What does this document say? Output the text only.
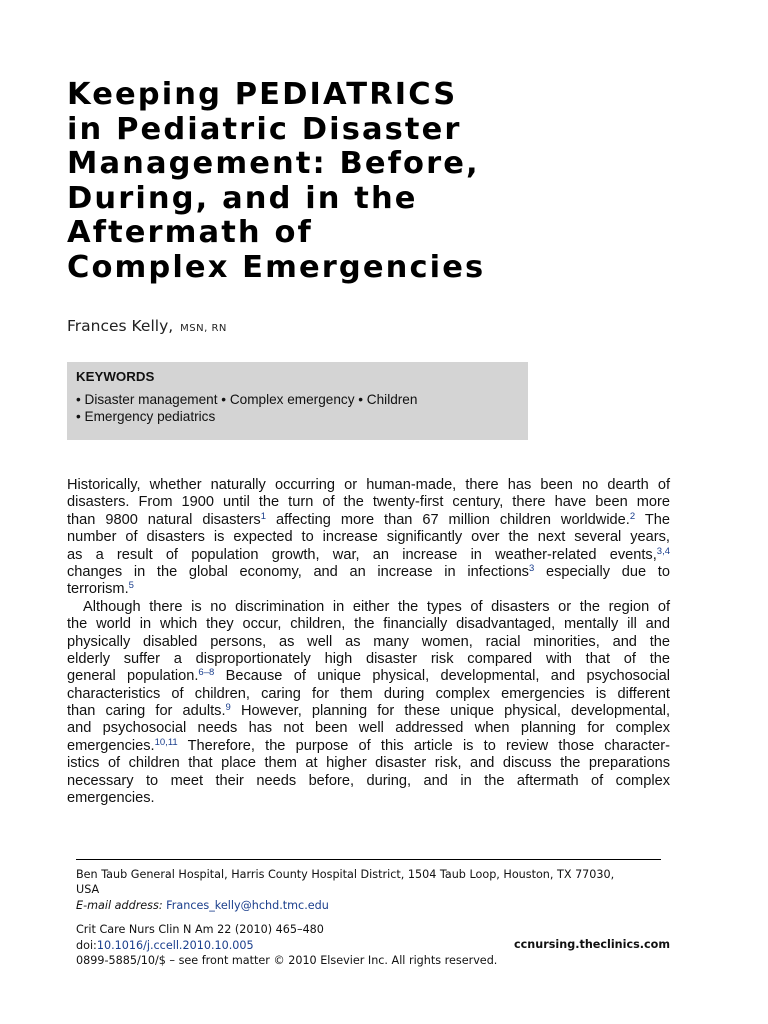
Keeping PEDIATRICS
in Pediatric Disaster
Management: Before,
During, and in the
Aftermath of
Complex Emergencies
Frances Kelly, MSN, RN
KEYWORDS
• Disaster management • Complex emergency • Children
• Emergency pediatrics
Historically, whether naturally occurring or human-made, there has been no dearth of
disasters. From 1900 until the turn of the twenty-first century, there have been more
than 9800 natural disasters$^1$ affecting more than 67 million children worldwide.$^2$ The
number of disasters is expected to increase significantly over the next several years,
as a result of population growth, war, an increase in weather-related events,$^{3,4}$
changes in the global economy, and an increase in infections$^3$ especially due to
terrorism.$^5$
Although there is no discrimination in either the types of disasters or the region of
the world in which they occur, children, the financially disadvantaged, mentally ill and
physically disabled persons, as well as many women, racial minorities, and the
elderly suffer a disproportionately high disaster risk compared with that of the
general population.$^{6-8}$ Because of unique physical, developmental, and psychosocial
characteristics of children, caring for them during complex emergencies is different
than caring for adults.$^9$ However, planning for these unique physical, developmental,
and psychosocial needs has not been well addressed when planning for complex
emergencies.$^{10,11}$ Therefore, the purpose of this article is to review those character-
istics of children that place them at higher disaster risk, and discuss the preparations
necessary to meet their needs before, during, and in the aftermath of complex
emergencies.
Ben Taub General Hospital, Harris County Hospital District, 1504 Taub Loop, Houston, TX 77030,
USA
E-mail address: Frances_kelly@hchd.tmc.edu
Crit Care Nurs Clin N Am 22 (2010) 465–480
doi:10.1016/j.ccell.2010.10.005	ccnursing.theclinics.com
0899-5885/10/$ – see front matter © 2010 Elsevier Inc. All rights reserved.
